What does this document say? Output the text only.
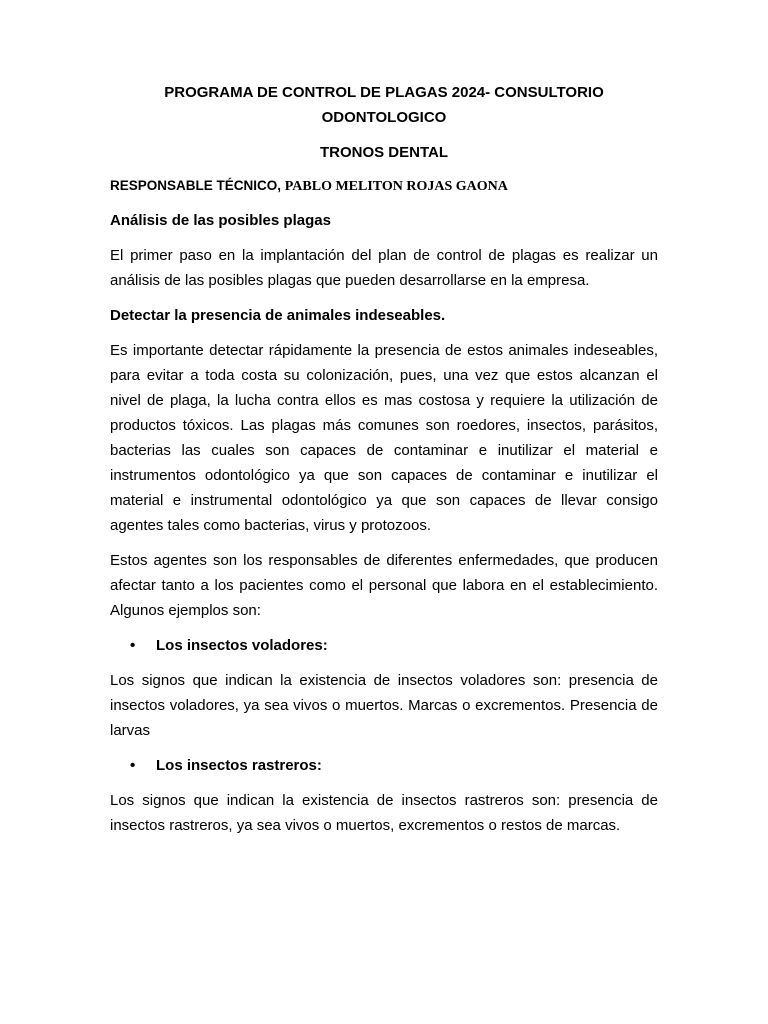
PROGRAMA DE CONTROL DE PLAGAS 2024- CONSULTORIO ODONTOLOGICO

TRONOS DENTAL

RESPONSABLE TÉCNICO, PABLO MELITON ROJAS GAONA

Análisis de las posibles plagas

El primer paso en la implantación del plan de control de plagas es realizar un análisis de las posibles plagas que pueden desarrollarse en la empresa.

Detectar la presencia de animales indeseables.

Es importante detectar rápidamente la presencia de estos animales indeseables, para evitar a toda costa su colonización, pues, una vez que estos alcanzan el nivel de plaga, la lucha contra ellos es mas costosa y requiere la utilización de productos tóxicos. Las plagas más comunes son roedores, insectos, parásitos, bacterias las cuales son capaces de contaminar e inutilizar el material e instrumentos odontológico ya que son capaces de contaminar e inutilizar el material e instrumental odontológico ya que son capaces de llevar consigo agentes tales como bacterias, virus y protozoos.

Estos agentes son los responsables de diferentes enfermedades, que producen afectar tanto a los pacientes como el personal que labora en el establecimiento. Algunos ejemplos son:

• Los insectos voladores:

Los signos que indican la existencia de insectos voladores son: presencia de insectos voladores, ya sea vivos o muertos. Marcas o excrementos. Presencia de larvas

• Los insectos rastreros:

Los signos que indican la existencia de insectos rastreros son: presencia de insectos rastreros, ya sea vivos o muertos, excrementos o restos de marcas.
